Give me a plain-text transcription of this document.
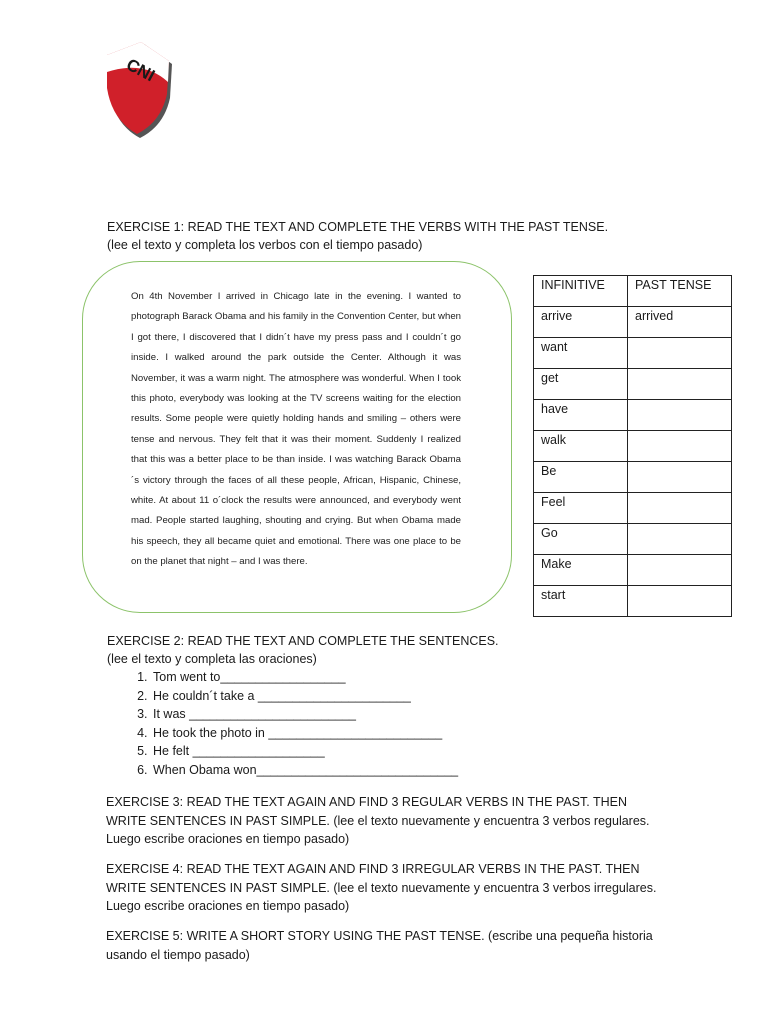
CNI
EXERCISE 1: READ THE TEXT AND COMPLETE THE VERBS WITH THE PAST TENSE.
(lee el texto y completa los verbos con el tiempo pasado)
On 4th November I arrived in Chicago late in the evening. I wanted to photograph Barack Obama and his family in the Convention Center, but when I got there, I discovered that I didn´t have my press pass and I couldn´t go inside. I walked around the park outside the Center. Although it was November, it was a warm night. The atmosphere was wonderful. When I took this photo, everybody was looking at the TV screens waiting for the election results. Some people were quietly holding hands and smiling – others were tense and nervous. They felt that it was their moment. Suddenly I realized that this was a better place to be than inside. I was watching Barack Obama´s victory through the faces of all these people, African, Hispanic, Chinese, white. At about 11 o´clock the results were announced, and everybody went mad. People started laughing, shouting and crying. But when Obama made his speech, they all became quiet and emotional. There was one place to be on the planet that night – and I was there.
INFINITIVE	PAST TENSE
arrive	arrived
want	
get	
have	
walk	
Be	
Feel	
Go	
Make	
start	
EXERCISE 2: READ THE TEXT AND COMPLETE THE SENTENCES.
(lee el texto y completa las oraciones)
1. Tom went to__________________
2. He couldn´t take a ______________________
3. It was ________________________
4. He took the photo in _________________________
5. He felt ___________________
6. When Obama won_____________________________
EXERCISE 3: READ THE TEXT AGAIN AND FIND 3 REGULAR VERBS IN THE PAST. THEN WRITE SENTENCES IN PAST SIMPLE. (lee el texto nuevamente y encuentra 3 verbos regulares. Luego escribe oraciones en tiempo pasado)
EXERCISE 4: READ THE TEXT AGAIN AND FIND 3 IRREGULAR VERBS IN THE PAST. THEN WRITE SENTENCES IN PAST SIMPLE. (lee el texto nuevamente y encuentra 3 verbos irregulares. Luego escribe oraciones en tiempo pasado)
EXERCISE 5: WRITE A SHORT STORY USING THE PAST TENSE. (escribe una pequeña historia usando el tiempo pasado)
